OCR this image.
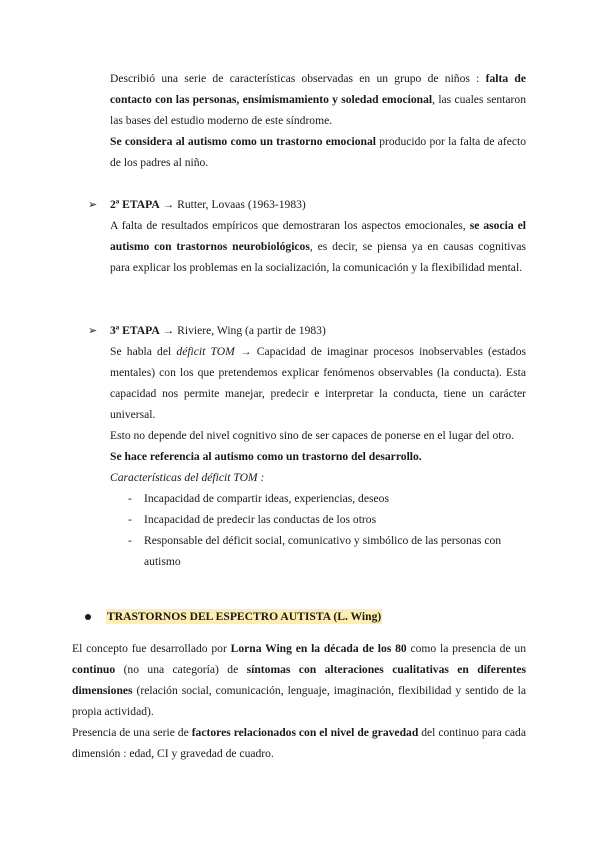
Describió una serie de características observadas en un grupo de niños : falta de contacto con las personas, ensimismamiento y soledad emocional, las cuales sentaron las bases del estudio moderno de este síndrome.

Se considera al autismo como un trastorno emocional producido por la falta de afecto de los padres al niño.

➢ 2ª ETAPA → Rutter, Lovaas (1963-1983)

A falta de resultados empíricos que demostraran los aspectos emocionales, se asocia el autismo con trastornos neurobiológicos, es decir, se piensa ya en causas cognitivas para explicar los problemas en la socialización, la comunicación y la flexibilidad mental.

➢ 3ª ETAPA → Riviere, Wing (a partir de 1983)

Se habla del déficit TOM → Capacidad de imaginar procesos inobservables (estados mentales) con los que pretendemos explicar fenómenos observables (la conducta). Esta capacidad nos permite manejar, predecir e interpretar la conducta, tiene un carácter universal.

Esto no depende del nivel cognitivo sino de ser capaces de ponerse en el lugar del otro.

Se hace referencia al autismo como un trastorno del desarrollo.

Características del déficit TOM :

- Incapacidad de compartir ideas, experiencias, deseos
- Incapacidad de predecir las conductas de los otros
- Responsable del déficit social, comunicativo y simbólico de las personas con autismo
TRASTORNOS DEL ESPECTRO AUTISTA (L. Wing)

El concepto fue desarrollado por Lorna Wing en la década de los 80 como la presencia de un continuo (no una categoría) de síntomas con alteraciones cualitativas en diferentes dimensiones (relación social, comunicación, lenguaje, imaginación, flexibilidad y sentido de la propia actividad).

Presencia de una serie de factores relacionados con el nivel de gravedad del continuo para cada dimensión : edad, CI y gravedad de cuadro.
